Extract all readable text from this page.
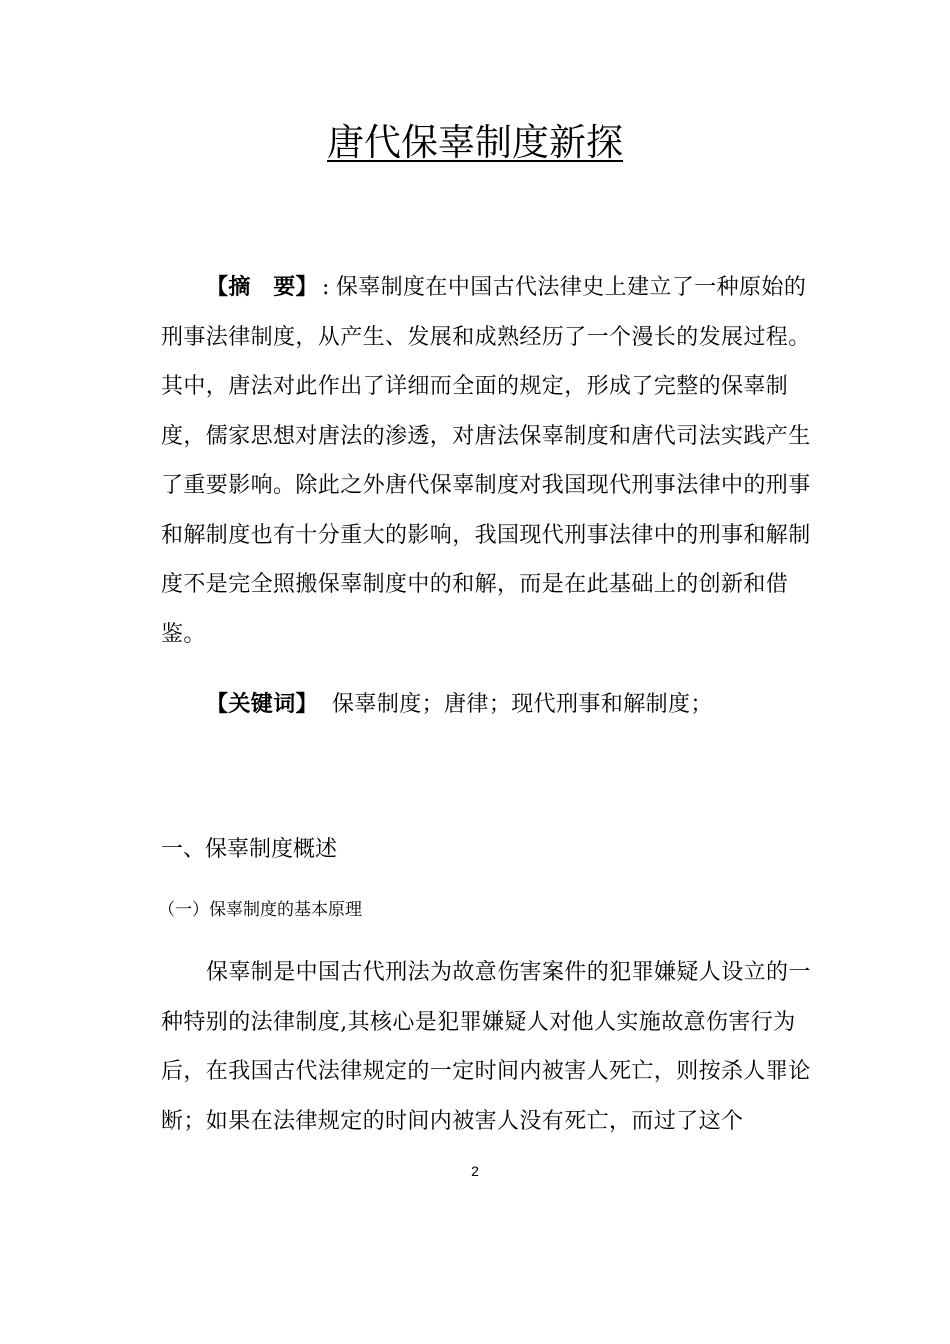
唐代保辜制度新探
【摘　要】 : 保辜制度在中国古代法律史上建立了一种原始的刑事法律制度，从产生、发展和成熟经历了一个漫长的发展过程。其中，唐法对此作出了详细而全面的规定，形成了完整的保辜制度，儒家思想对唐法的渗透，对唐法保辜制度和唐代司法实践产生了重要影响。除此之外唐代保辜制度对我国现代刑事法律中的刑事和解制度也有十分重大的影响，我国现代刑事法律中的刑事和解制度不是完全照搬保辜制度中的和解，而是在此基础上的创新和借鉴。
【关键词】 保辜制度；唐律；现代刑事和解制度；
一、保辜制度概述
（一）保辜制度的基本原理
保辜制是中国古代刑法为故意伤害案件的犯罪嫌疑人设立的一种特别的法律制度,其核心是犯罪嫌疑人对他人实施故意伤害行为后，在我国古代法律规定的一定时间内被害人死亡，则按杀人罪论断；如果在法律规定的时间内被害人没有死亡，而过了这个
2
